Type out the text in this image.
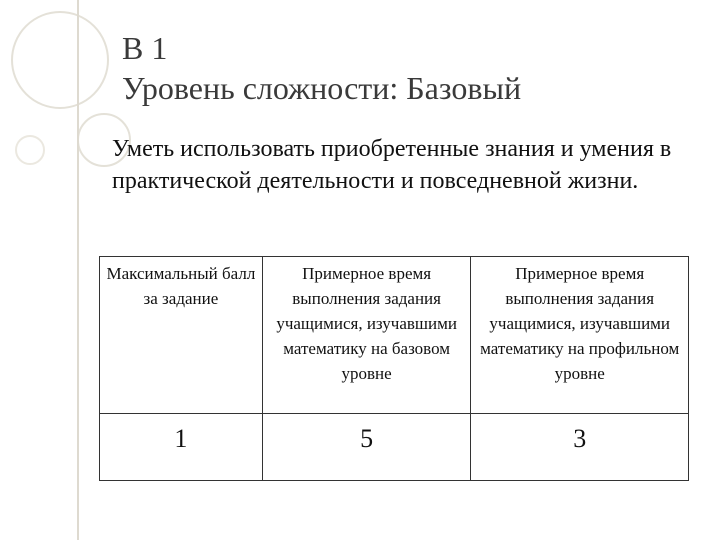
В 1
Уровень сложности: Базовый

Уметь использовать приобретенные знания и умения в практической деятельности и повседневной жизни.

Максимальный балл за задание	Примерное время выполнения задания учащимися, изучавшими математику на базовом уровне	Примерное время выполнения задания учащимися, изучавшими математику на профильном уровне
1	5	3
